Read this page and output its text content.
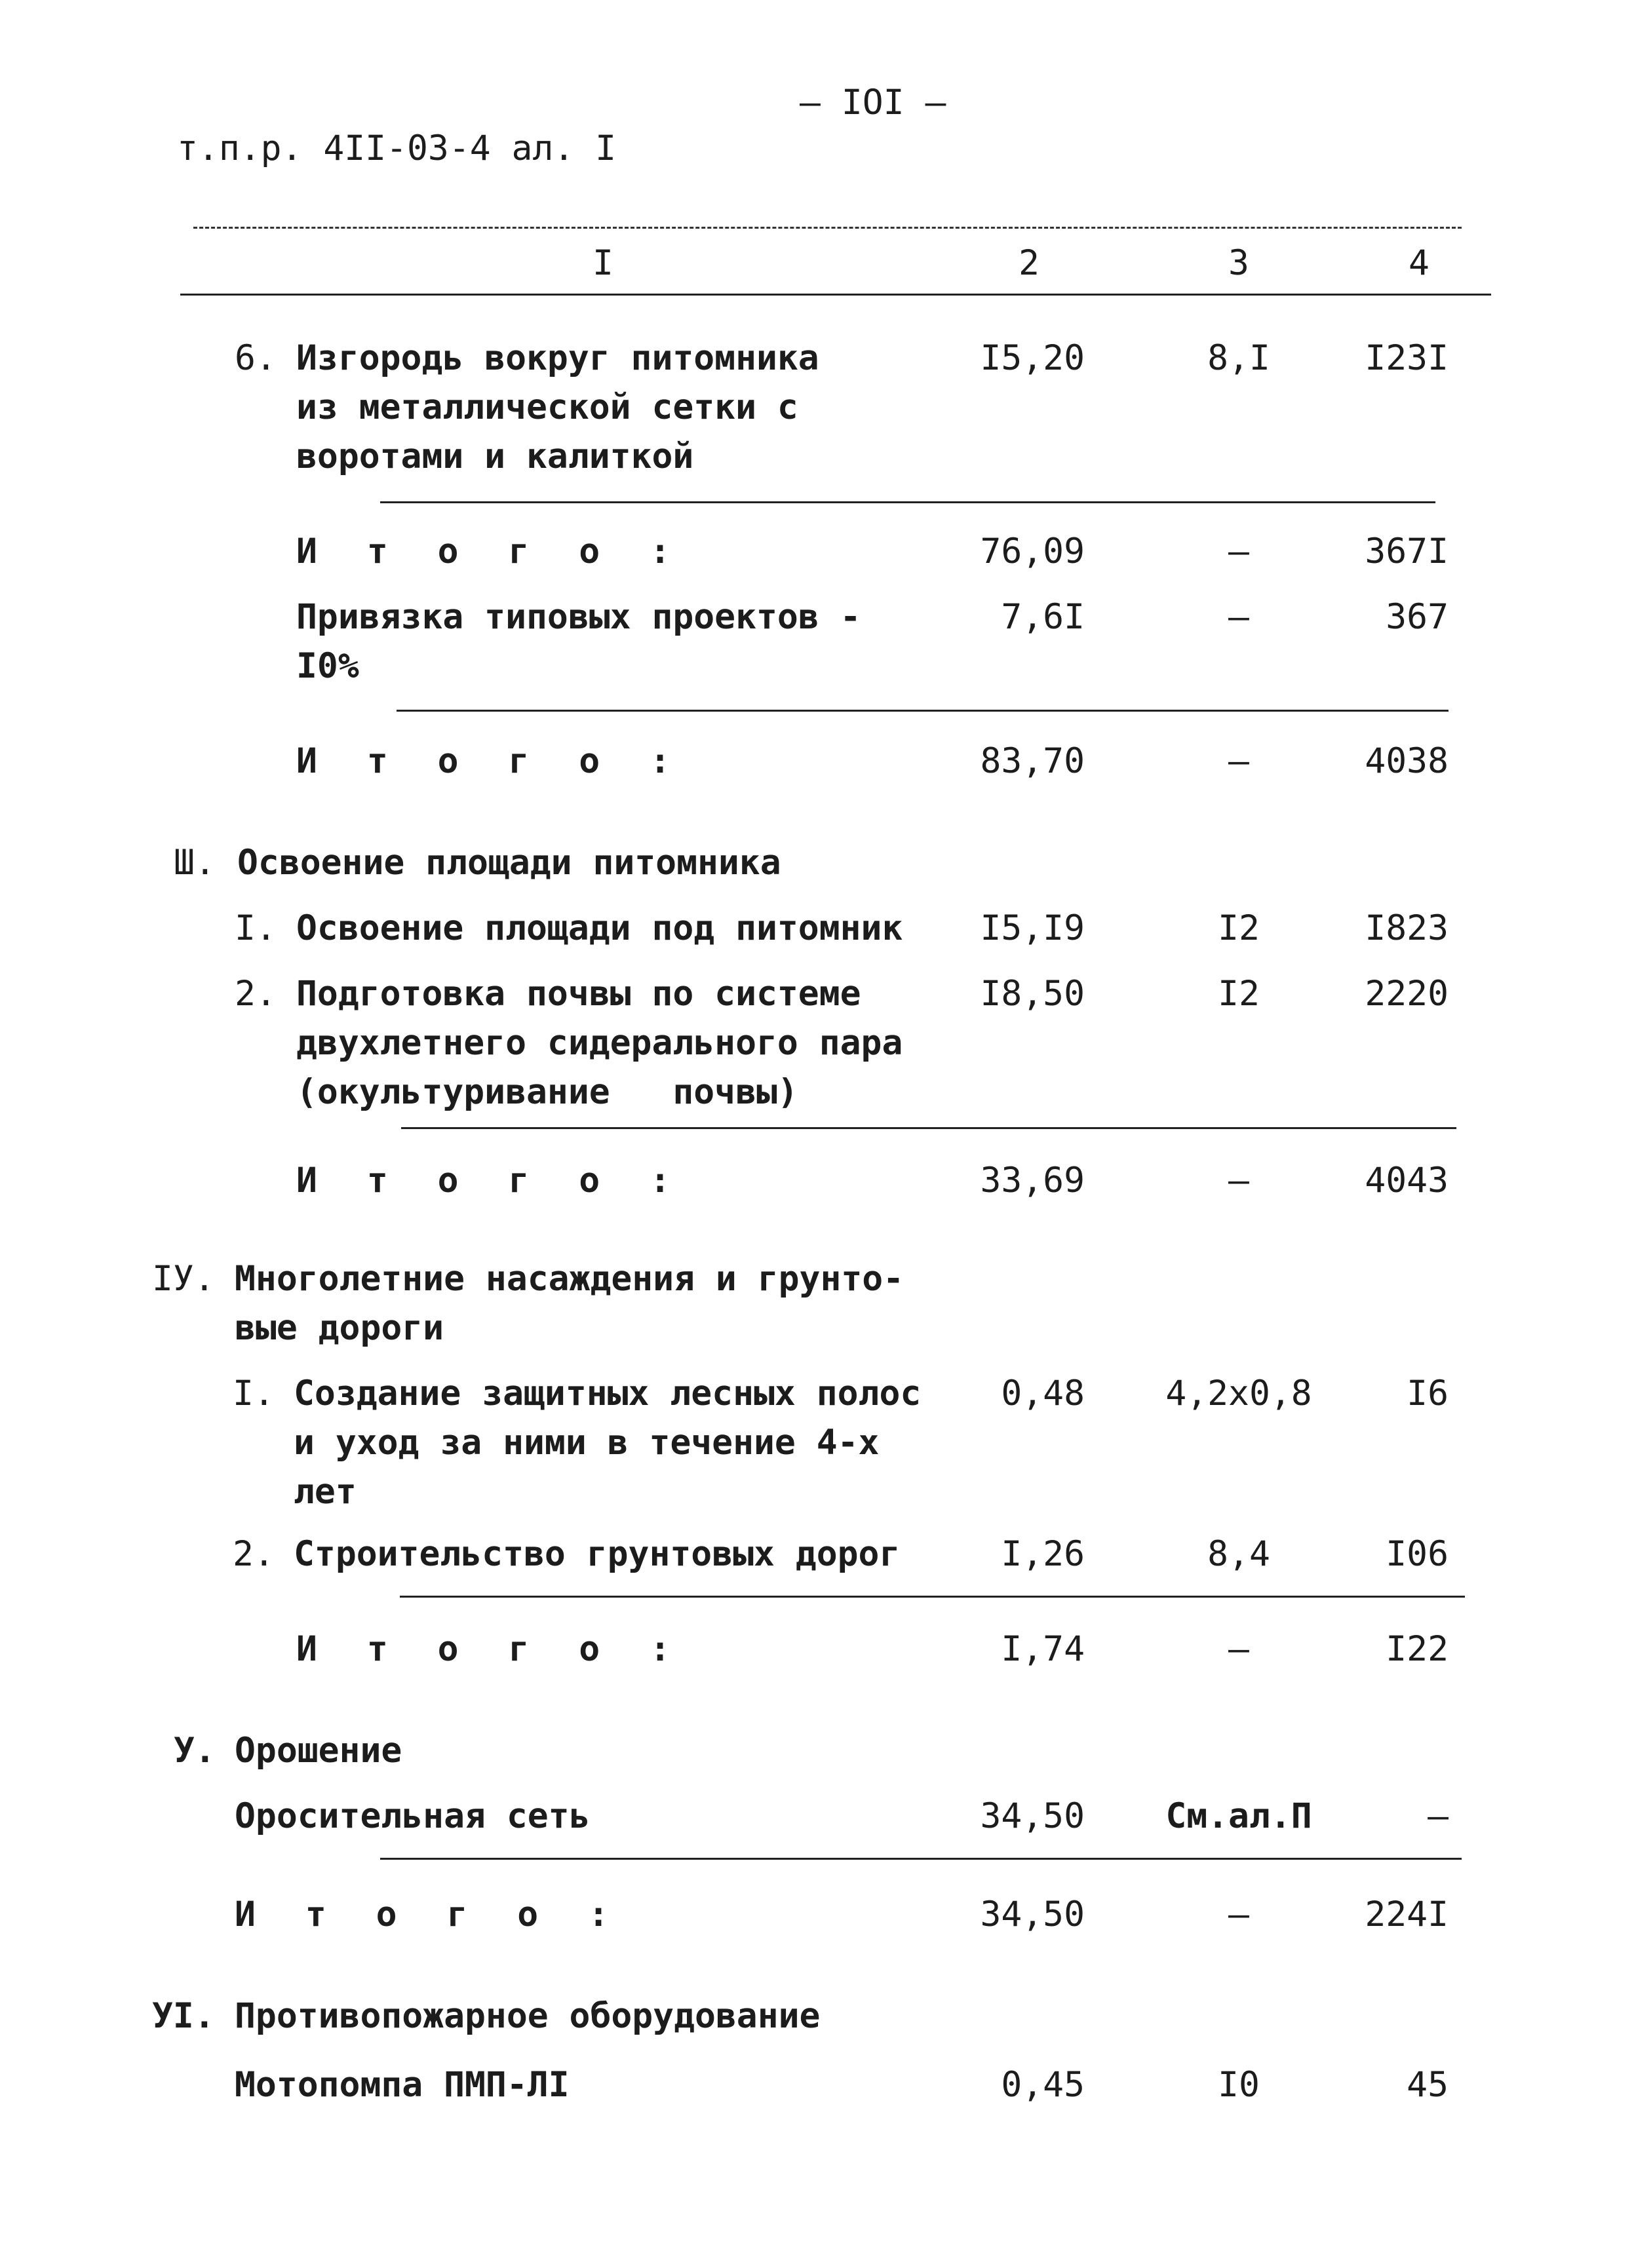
– IOI –
т.п.р. 4II-03-4 ал. I
I	2	3	4
6. Изгородь вокруг питомника
из металлической сетки с
воротами и калиткой
I5,20	8,I	I23I
И т о г о :	76,09	–	367I
Привязка типовых проектов -
I0%
7,6I	–	367
И т о г о :	83,70	–	4038
Ш. Освоение площади питомника
I. Освоение площади под питомник	I5,I9	I2	I823
2. Подготовка почвы по системе
двухлетнего сидерального пара
(окультуривание   почвы)
I8,50	I2	2220
И т о г о :	33,69	–	4043
IУ. Многолетние насаждения и грунто-
вые дороги
I. Создание защитных лесных полос
и уход за ними в течение 4-х
лет
0,48	4,2x0,8	I6
2. Строительство грунтовых дорог	I,26	8,4	I06
И т о г о :	I,74	–	I22
У. Орошение
Оросительная сеть	34,50	См.ал.П	–
И т о г о :	34,50	–	224I
УI. Противопожарное оборудование
Мотопомпа ПМП-ЛI	0,45	I0	45
